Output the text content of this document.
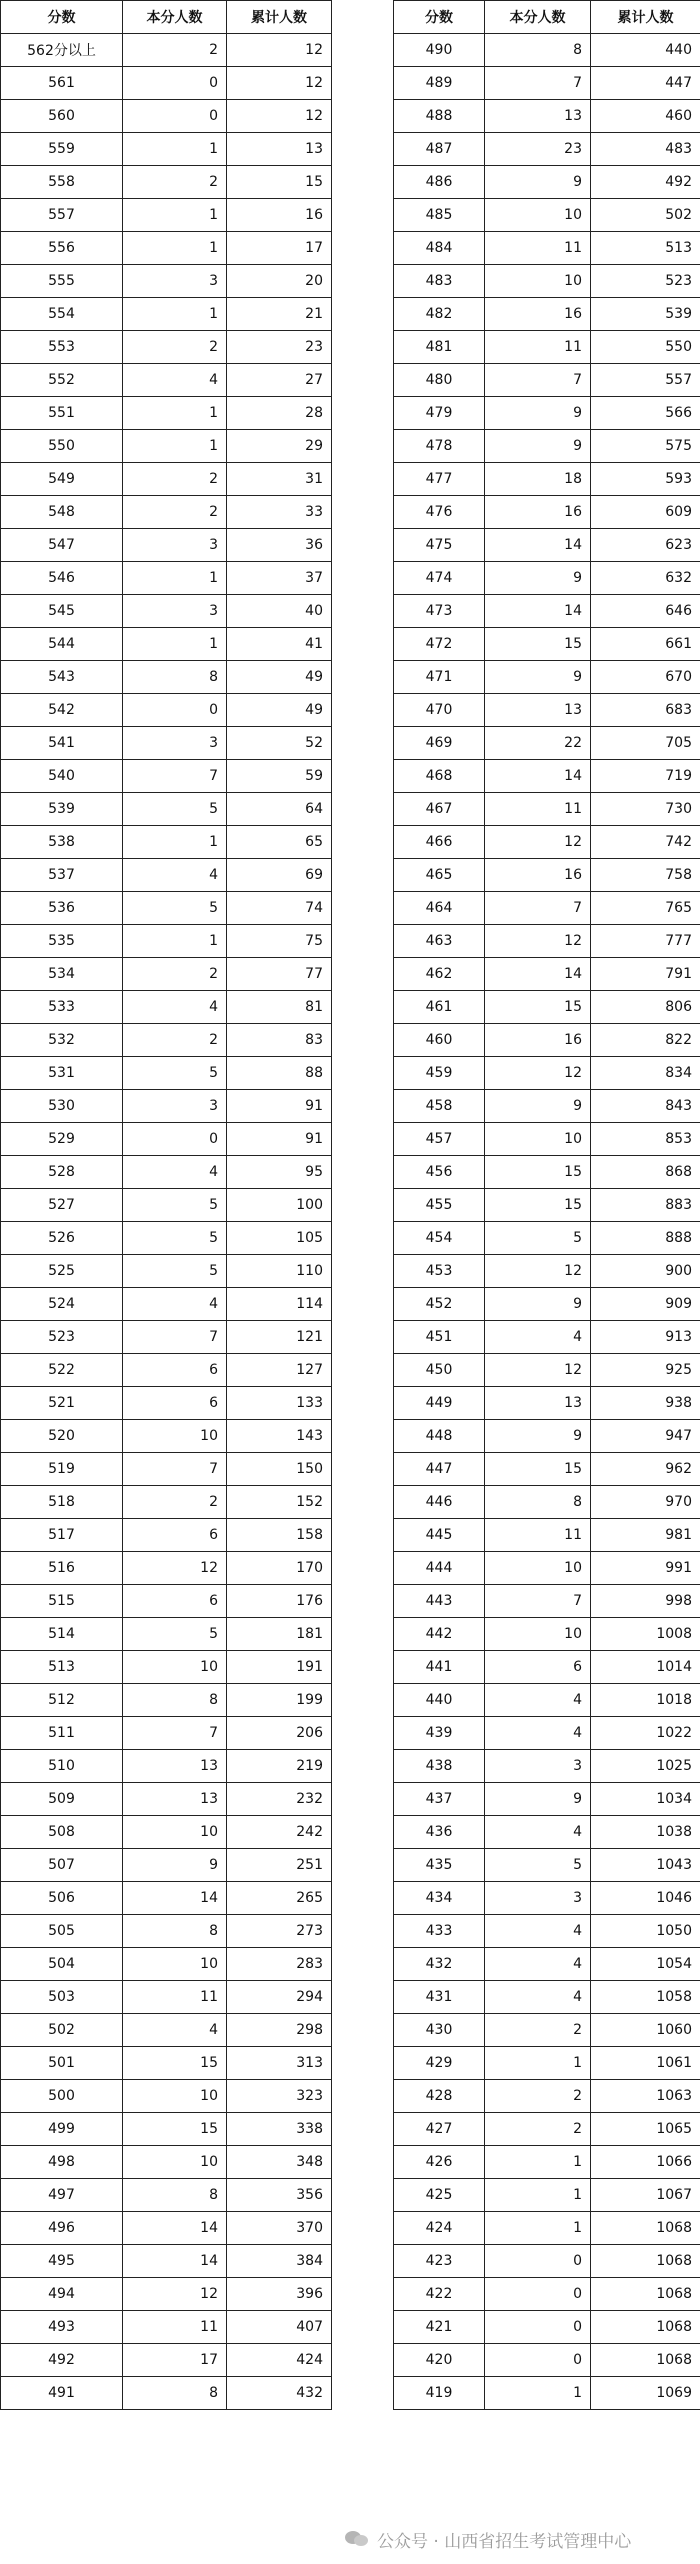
分数	本分人数	累计人数
562分以上	2	12
561	0	12
560	0	12
559	1	13
558	2	15
557	1	16
556	1	17
555	3	20
554	1	21
553	2	23
552	4	27
551	1	28
550	1	29
549	2	31
548	2	33
547	3	36
546	1	37
545	3	40
544	1	41
543	8	49
542	0	49
541	3	52
540	7	59
539	5	64
538	1	65
537	4	69
536	5	74
535	1	75
534	2	77
533	4	81
532	2	83
531	5	88
530	3	91
529	0	91
528	4	95
527	5	100
526	5	105
525	5	110
524	4	114
523	7	121
522	6	127
521	6	133
520	10	143
519	7	150
518	2	152
517	6	158
516	12	170
515	6	176
514	5	181
513	10	191
512	8	199
511	7	206
510	13	219
509	13	232
508	10	242
507	9	251
506	14	265
505	8	273
504	10	283
503	11	294
502	4	298
501	15	313
500	10	323
499	15	338
498	10	348
497	8	356
496	14	370
495	14	384
494	12	396
493	11	407
492	17	424
491	8	432
分数	本分人数	累计人数
490	8	440
489	7	447
488	13	460
487	23	483
486	9	492
485	10	502
484	11	513
483	10	523
482	16	539
481	11	550
480	7	557
479	9	566
478	9	575
477	18	593
476	16	609
475	14	623
474	9	632
473	14	646
472	15	661
471	9	670
470	13	683
469	22	705
468	14	719
467	11	730
466	12	742
465	16	758
464	7	765
463	12	777
462	14	791
461	15	806
460	16	822
459	12	834
458	9	843
457	10	853
456	15	868
455	15	883
454	5	888
453	12	900
452	9	909
451	4	913
450	12	925
449	13	938
448	9	947
447	15	962
446	8	970
445	11	981
444	10	991
443	7	998
442	10	1008
441	6	1014
440	4	1018
439	4	1022
438	3	1025
437	9	1034
436	4	1038
435	5	1043
434	3	1046
433	4	1050
432	4	1054
431	4	1058
430	2	1060
429	1	1061
428	2	1063
427	2	1065
426	1	1066
425	1	1067
424	1	1068
423	0	1068
422	0	1068
421	0	1068
420	0	1068
419	1	1069
公众号 · 山西省招生考试管理中心
